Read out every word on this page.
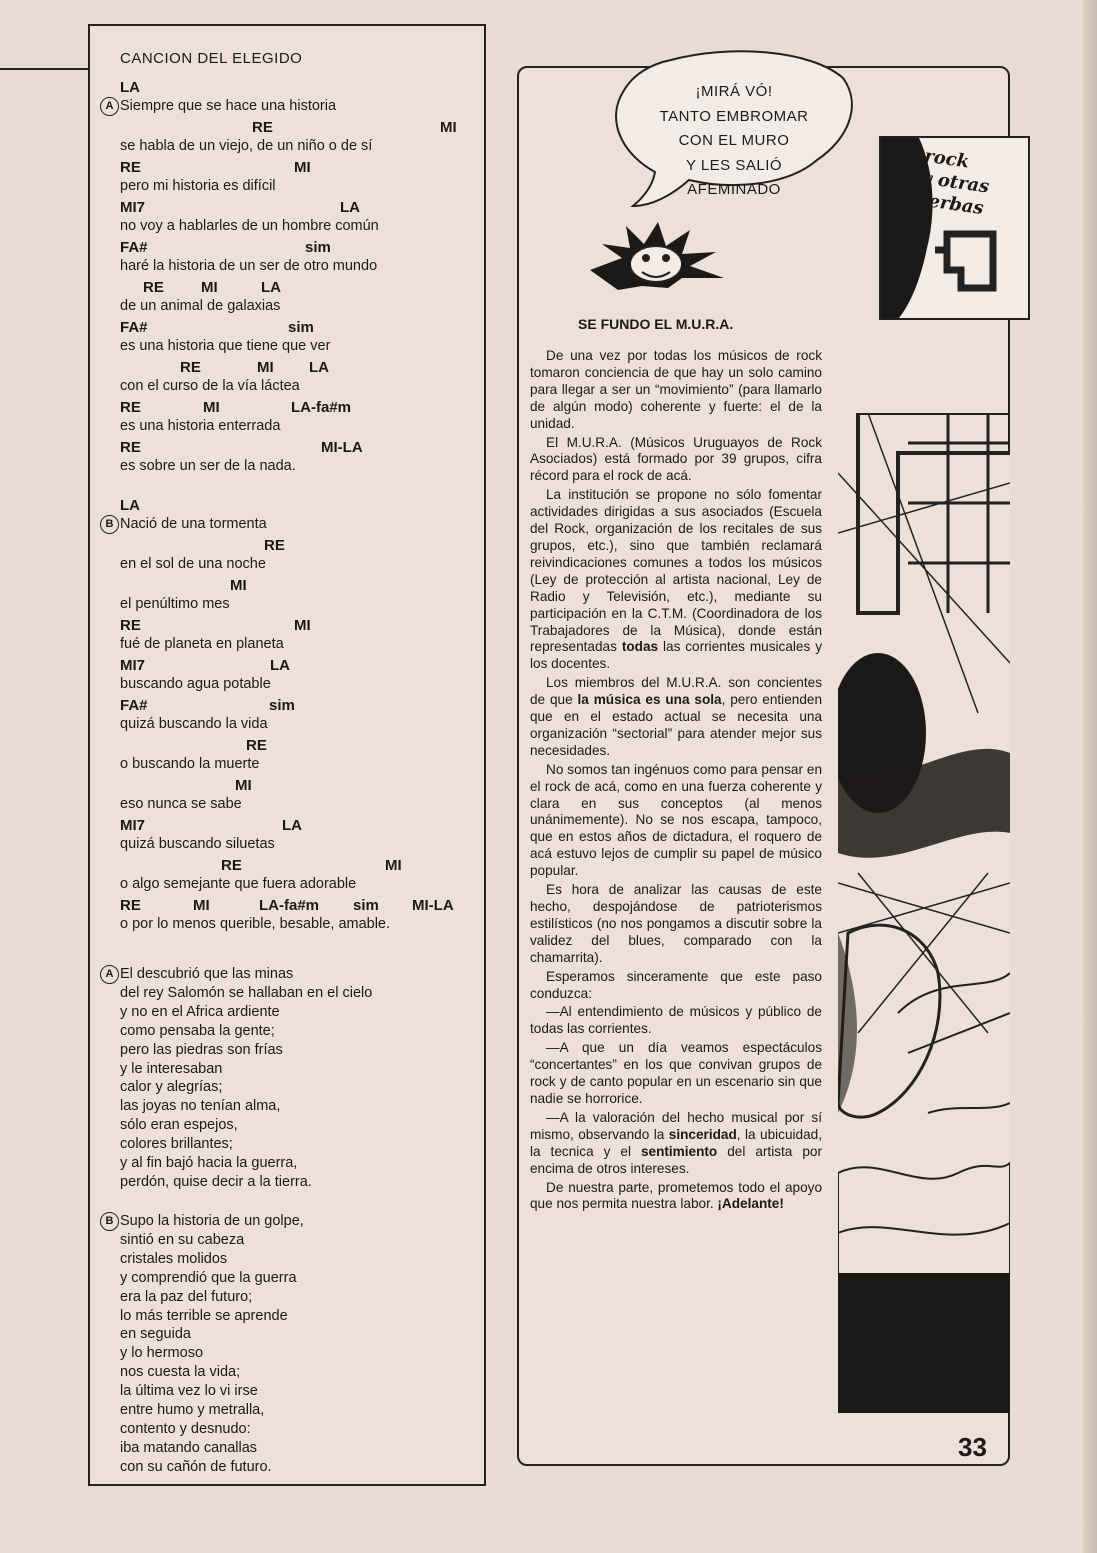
CANCION DEL ELEGIDO
LA
A Siempre que se hace una historia
RE	MI
se habla de un viejo, de un niño o de sí
RE	MI
pero mi historia es difícil
MI7	LA
no voy a hablarles de un hombre común
FA#	sim
haré la historia de un ser de otro mundo
RE MI	LA
de un animal de galaxias
FA#	sim
es una historia que tiene que ver
RE	MI LA
con el curso de la vía láctea
RE	MI	LA-fa#m
es una historia enterrada
RE	MI-LA
es sobre un ser de la nada.
LA
B Nació de una tormenta
RE
en el sol de una noche
MI
el penúltimo mes
RE	MI
fué de planeta en planeta
MI7	LA
buscando agua potable
FA#	sim
quizá buscando la vida
RE
o buscando la muerte
MI
eso nunca se sabe
MI7	LA
quizá buscando siluetas
RE	MI
o algo semejante que fuera adorable
RE	MI	LA-fa#m sim MI-LA
o por lo menos querible, besable, amable.
A El descubrió que las minas
del rey Salomón se hallaban en el cielo
y no en el Africa ardiente
como pensaba la gente;
pero las piedras son frías
y le interesaban
calor y alegrías;
las joyas no tenían alma,
sólo eran espejos,
colores brillantes;
y al fin bajó hacia la guerra,
perdón, quise decir a la tierra.
B Supo la historia de un golpe,
sintió en su cabeza
cristales molidos
y comprendió que la guerra
era la paz del futuro;
lo más terrible se aprende
en seguida
y lo hermoso
nos cuesta la vida;
la última vez lo vi irse
entre humo y metralla,
contento y desnudo:
iba matando canallas
con su cañón de futuro.
¡MIRÁ VÓ!
TANTO EMBROMAR
CON EL MURO
Y LES SALIÓ
AFEMINADO
rock
y otras
yerbas
SE FUNDO EL M.U.R.A.

De una vez por todas los músicos de rock tomaron conciencia de que hay un solo camino para llegar a ser un “movimiento” (para llamarlo de algún modo) coherente y fuerte: el de la unidad.

El M.U.R.A. (Músicos Uruguayos de Rock Asociados) está formado por 39 grupos, cifra récord para el rock de acá.

La institución se propone no sólo fomentar actividades dirigidas a sus asociados (Escuela del Rock, organización de los recitales de sus grupos, etc.), sino que también reclamará reivindicaciones comunes a todos los músicos (Ley de protección al artista nacional, Ley de Radio y Televisión, etc.), mediante su participación en la C.T.M. (Coordinadora de los Trabajadores de la Música), donde están representadas todas las corrientes musicales y los docentes.

Los miembros del M.U.R.A. son concientes de que la música es una sola, pero entienden que en el estado actual se necesita una organización “sectorial” para atender mejor sus necesidades.

No somos tan ingénuos como para pensar en el rock de acá, como en una fuerza coherente y clara en sus conceptos (al menos unánimemente). No se nos escapa, tampoco, que en estos años de dictadura, el roquero de acá estuvo lejos de cumplir su papel de músico popular.

Es hora de analizar las causas de este hecho, despojándose de patrioterismos estilísticos (no nos pongamos a discutir sobre la validez del blues, comparado con la chamarrita).

Esperamos sinceramente que este paso conduzca:

—Al entendimiento de músicos y público de todas las corrientes.

—A que un día veamos espectáculos “concertantes” en los que convivan grupos de rock y de canto popular en un escenario sin que nadie se horrorice.

—A la valoración del hecho musical por sí mismo, observando la sinceridad, la ubicuidad, la tecnica y el sentimiento del artista por encima de otros intereses.

De nuestra parte, prometemos todo el apoyo que nos permita nuestra labor. ¡Adelante!

33
